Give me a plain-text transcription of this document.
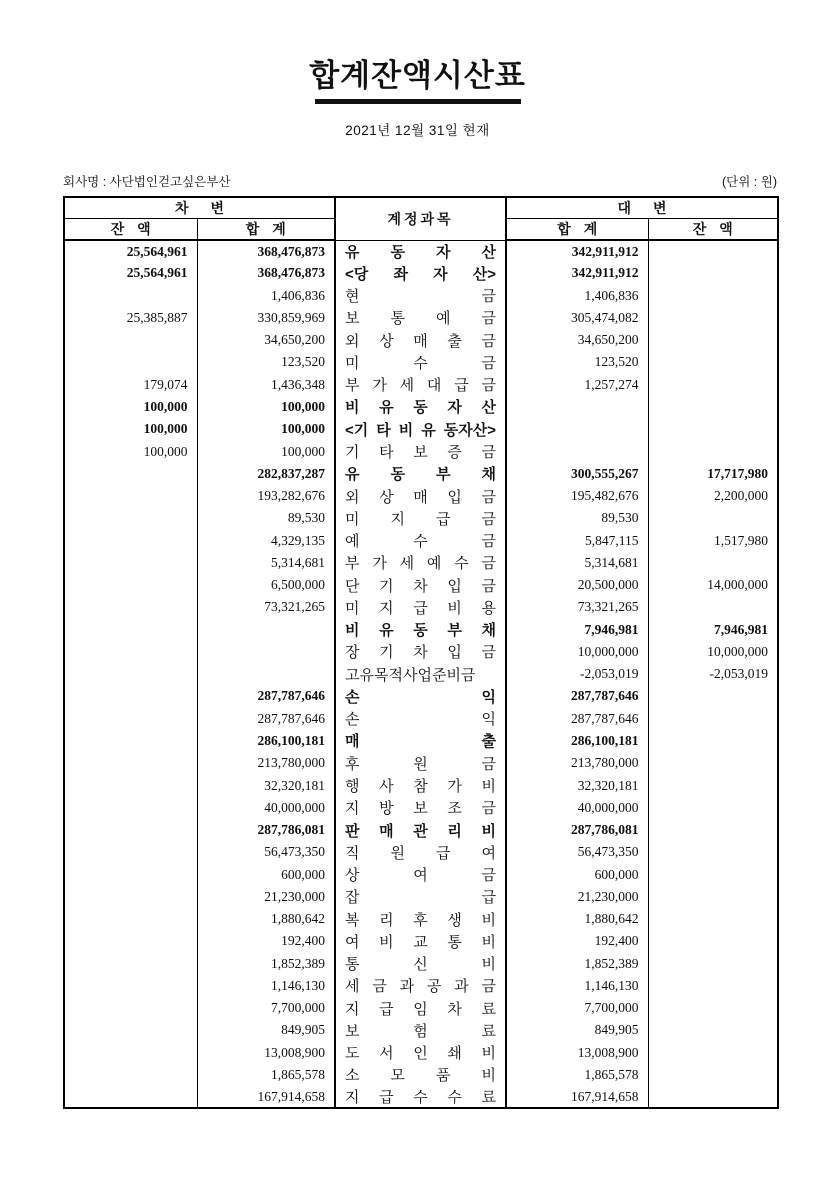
합계잔액시산표
2021년 12월 31일 현재
회사명 : 사단법인걷고싶은부산	(단위 : 원)
차 변		계정과목	대 변	
잔 액	합 계		합 계	잔 액
25,564,961	368,476,873	유 동 자 산	342,911,912	
25,564,961	368,476,873	<당 좌 자 산>	342,911,912	
	1,406,836	현 금	1,406,836	
25,385,887	330,859,969	보 통 예 금	305,474,082	
	34,650,200	외 상 매 출 금	34,650,200	
	123,520	미 수 금	123,520	
179,074	1,436,348	부 가 세 대 급 금	1,257,274	
100,000	100,000	비 유 동 자 산		
100,000	100,000	<기 타 비 유 동자산>		
100,000	100,000	기 타 보 증 금		
	282,837,287	유 동 부 채	300,555,267	17,717,980
	193,282,676	외 상 매 입 금	195,482,676	2,200,000
	89,530	미 지 급 금	89,530	
	4,329,135	예 수 금	5,847,115	1,517,980
	5,314,681	부 가 세 예 수 금	5,314,681	
	6,500,000	단 기 차 입 금	20,500,000	14,000,000
	73,321,265	미 지 급 비 용	73,321,265	
		비 유 동 부 채	7,946,981	7,946,981
		장 기 차 입 금	10,000,000	10,000,000
		고유목적사업준비금	-2,053,019	-2,053,019
	287,787,646	손 익	287,787,646	
	287,787,646	손 익	287,787,646	
	286,100,181	매 출	286,100,181	
	213,780,000	후 원 금	213,780,000	
	32,320,181	행 사 참 가 비	32,320,181	
	40,000,000	지 방 보 조 금	40,000,000	
	287,786,081	판 매 관 리 비	287,786,081	
	56,473,350	직 원 급 여	56,473,350	
	600,000	상 여 금	600,000	
	21,230,000	잡 급	21,230,000	
	1,880,642	복 리 후 생 비	1,880,642	
	192,400	여 비 교 통 비	192,400	
	1,852,389	통 신 비	1,852,389	
	1,146,130	세 금 과 공 과 금	1,146,130	
	7,700,000	지 급 임 차 료	7,700,000	
	849,905	보 험 료	849,905	
	13,008,900	도 서 인 쇄 비	13,008,900	
	1,865,578	소 모 품 비	1,865,578	
	167,914,658	지 급 수 수 료	167,914,658	
